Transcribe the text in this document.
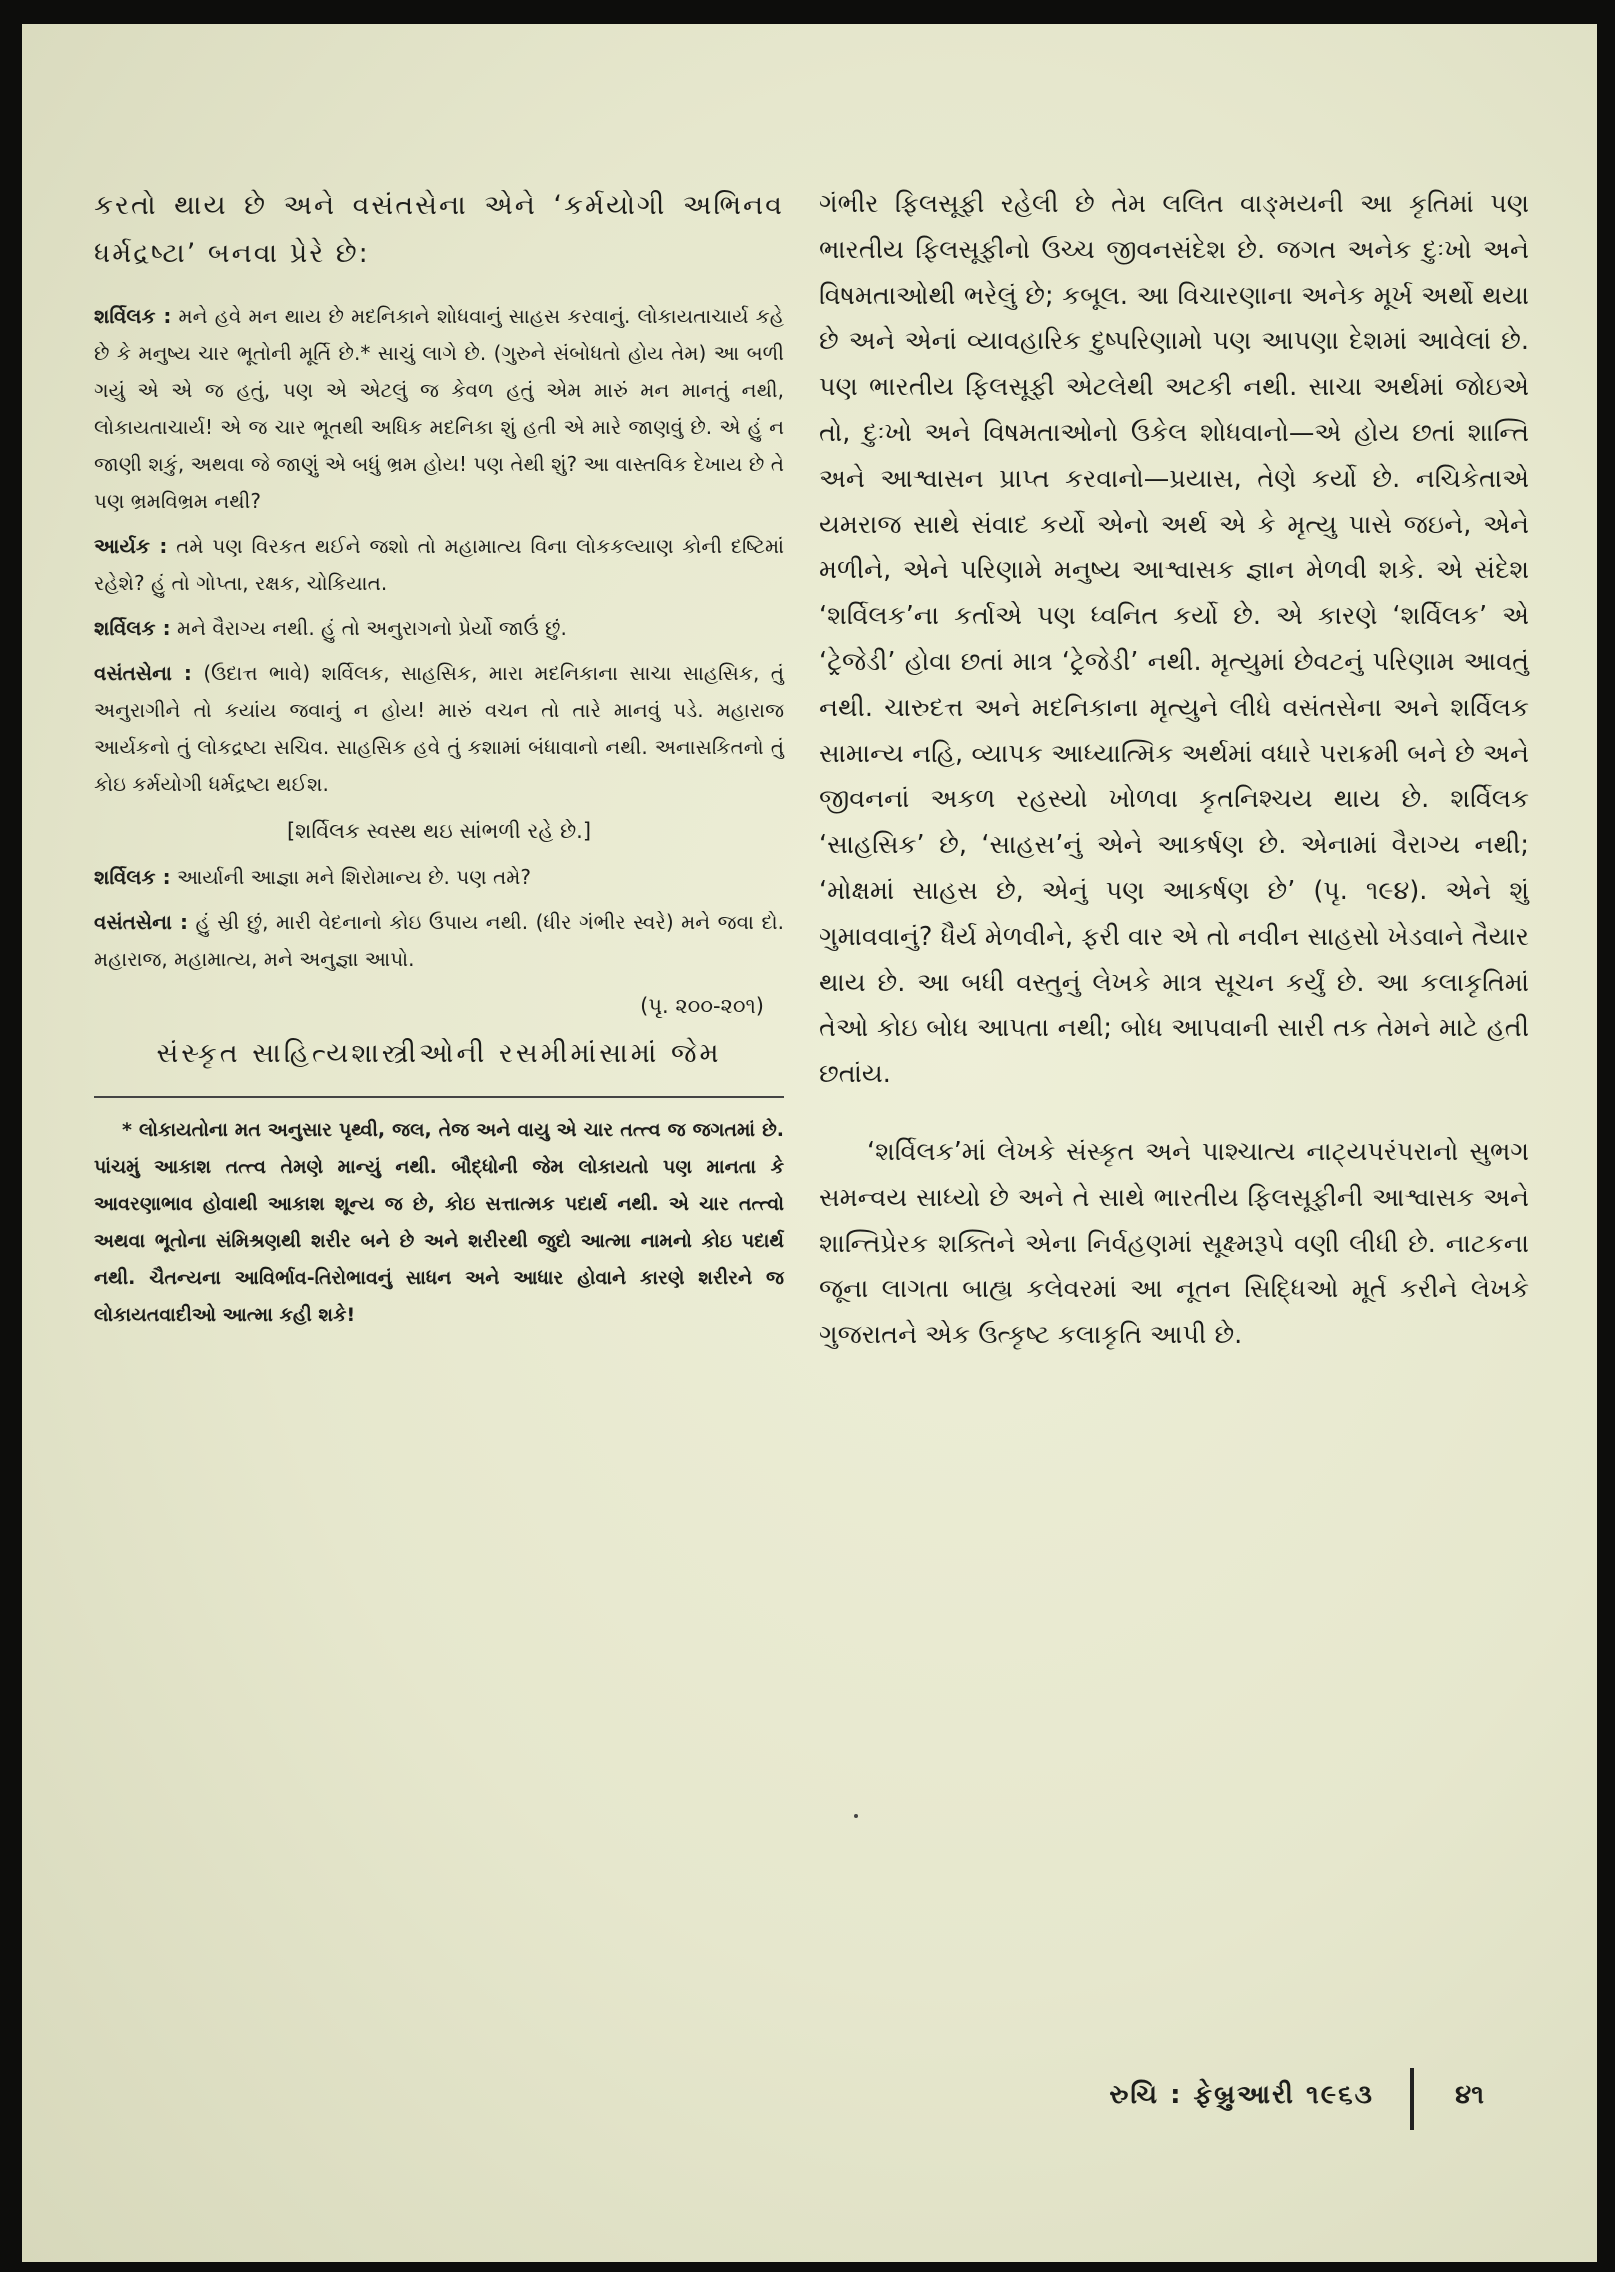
કરતો થાય છે અને વસંતસેના એને ‘કર્મયોગી અભિનવ ધર્મદ્રષ્ટા’ બનવા પ્રેરે છે:

શર્વિલક : મને હવે મન થાય છે મદનિકાને શોધવાનું સાહસ કરવાનું. લોકાયતાચાર્ય કહે છે કે મનુષ્ય ચાર ભૂતોની મૂર્તિ છે.* સાચું લાગે છે. (ગુરુને સંબોધતો હોય તેમ) આ બળી ગયું એ એ જ હતું, પણ એ એટલું જ કેવળ હતું એમ મારું મન માનતું નથી, લોકાયતાચાર્ય! એ જ ચાર ભૂતથી અધિક મદનિકા શું હતી એ મારે જાણવું છે. એ હું ન જાણી શકું, અથવા જે જાણું એ બધું ભ્રમ હોય! પણ તેથી શું? આ વાસ્તવિક દેખાય છે તે પણ ભ્રમવિભ્રમ નથી?

આર્યક : તમે પણ વિરકત થઈને જશો તો મહામાત્ય વિના લોકકલ્યાણ કોની દષ્ટિમાં રહેશે? હું તો ગોપ્તા, રક્ષક, ચોકિયાત.

શર્વિલક : મને વૈરાગ્ય નથી. હું તો અનુરાગનો પ્રેર્યો જાઉં છું.

વસંતસેના : (ઉદાત્ત ભાવે) શર્વિલક, સાહસિક, મારા મદનિકાના સાચા સાહસિક, તું અનુરાગીને તો કયાંય જવાનું ન હોય! મારું વચન તો તારે માનવું પડે. મહારાજ આર્યકનો તું લોકદ્રષ્ટા સચિવ. સાહસિક હવે તું કશામાં બંધાવાનો નથી. અનાસકિતનો તું કોઇ કર્મયોગી ધર્મદ્રષ્ટા થઈશ.

[શર્વિલક સ્વસ્થ થઇ સાંભળી રહે છે.]

શર્વિલક : આર્યાની આજ્ઞા મને શિરોમાન્ય છે. પણ તમે?

વસંતસેના : હું સ્રી છું, મારી વેદનાનો કોઇ ઉપાય નથી. (ધીર ગંભીર સ્વરે) મને જવા દો. મહારાજ, મહામાત્ય, મને અનુજ્ઞા આપો.

(પૃ. ૨૦૦-૨૦૧)

સંસ્કૃત સાહિત્યશાસ્ત્રીઓની રસમીમાંસામાં જેમ

* લોકાયતોના મત અનુસાર પૃથ્વી, જલ, તેજ અને વાયુ એ ચાર તત્ત્વ જ જગતમાં છે. પાંચમું આકાશ તત્ત્વ તેમણે માન્યું નથી. બૌદ્ધોની જેમ લોકાયતો પણ માનતા કે આવરણાભાવ હોવાથી આકાશ શૂન્ય જ છે, કોઇ સત્તાત્મક પદાર્થ નથી. એ ચાર તત્ત્વો અથવા ભૂતોના સંમિશ્રણથી શરીર બને છે અને શરીરથી જુદો આત્મા નામનો કોઇ પદાર્થ નથી. ચૈતન્યના આવિર્ભાવ-તિરોભાવનું સાધન અને આધાર હોવાને કારણે શરીરને જ લોકાયતવાદીઓ આત્મા કહી શકે!

ગંભીર ફિલસૂફી રહેલી છે તેમ લલિત વાઙ્મયની આ કૃતિમાં પણ ભારતીય ફિલસૂફીનો ઉચ્ચ જીવનસંદેશ છે. જગત અનેક દુઃખો અને વિષમતાઓથી ભરેલું છે; કબૂલ. આ વિચારણાના અનેક મૂર્ખ અર્થો થયા છે અને એનાં વ્યાવહારિક દુષ્પરિણામો પણ આપણા દેશમાં આવેલાં છે. પણ ભારતીય ફિલસૂફી એટલેથી અટકી નથી. સાચા અર્થમાં જોઇએ તો, દુઃખો અને વિષમતાઓનો ઉકેલ શોધવાનો—એ હોય છતાં શાન્તિ અને આશ્વાસન પ્રાપ્ત કરવાનો—પ્રયાસ, તેણે કર્યો છે. નચિકેતાએ યમરાજ સાથે સંવાદ કર્યો એનો અર્થ એ કે મૃત્યુ પાસે જઇને, એને મળીને, એને પરિણામે મનુષ્ય આશ્વાસક જ્ઞાન મેળવી શકે. એ સંદેશ ‘શર્વિલક’ના કર્તાએ પણ ધ્વનિત કર્યો છે. એ કારણે ‘શર્વિલક’ એ ‘ટ્રેજેડી’ હોવા છતાં માત્ર ‘ટ્રેજેડી’ નથી. મૃત્યુમાં છેવટનું પરિણામ આવતું નથી. ચારુદત્ત અને મદનિકાના મૃત્યુને લીધે વસંતસેના અને શર્વિલક સામાન્ય નહિ, વ્યાપક આધ્યાત્મિક અર્થમાં વધારે પરાક્રમી બને છે અને જીવનનાં અકળ રહસ્યો ખોળવા કૃતનિશ્ચય થાય છે. શર્વિલક ‘સાહસિક’ છે, ‘સાહસ’નું એને આકર્ષણ છે. એનામાં વૈરાગ્ય નથી; ‘મોક્ષમાં સાહસ છે, એનું પણ આકર્ષણ છે’ (પૃ. ૧૯૪). એને શું ગુમાવવાનું? ધૈર્ય મેળવીને, ફરી વાર એ તો નવીન સાહસો ખેડવાને તૈયાર થાય છે. આ બધી વસ્તુનું લેખકે માત્ર સૂચન કર્યું છે. આ કલાકૃતિમાં તેઓ કોઇ બોધ આપતા નથી; બોધ આપવાની સારી તક તેમને માટે હતી છતાંય.

‘શર્વિલક’માં લેખકે સંસ્કૃત અને પાશ્ચાત્ય નાટ્યપરંપરાનો સુભગ સમન્વય સાધ્યો છે અને તે સાથે ભારતીય ફિલસૂફીની આશ્વાસક અને શાન્તિપ્રેરક શક્તિને એના નિર્વહણમાં સૂક્ષ્મરૂપે વણી લીધી છે. નાટકના જૂના લાગતા બાહ્ય કલેવરમાં આ નૂતન સિદ્ધિઓ મૂર્ત કરીને લેખકે ગુજરાતને એક ઉત્કૃષ્ટ કલાકૃતિ આપી છે.

રુચિ : ફેબ્રુઆરી ૧૯૬૩	૪૧
